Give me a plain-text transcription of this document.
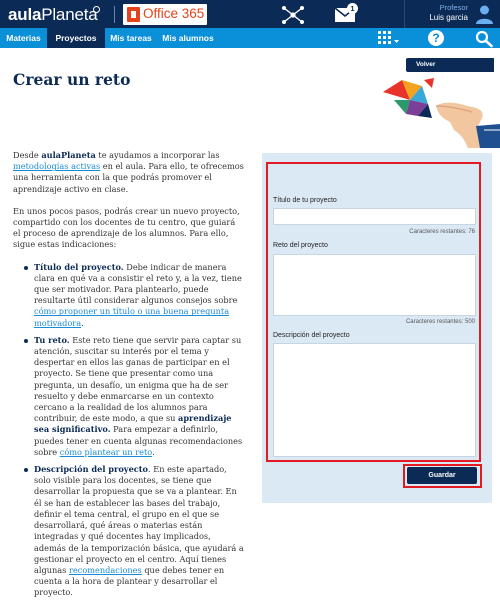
aulaPlaneta	Office 365	1	Profesor
Luis garcia
Materias	Proyectos	Mis tareas	Mis alumnos	?
Crear un reto
Volver

Desde aulaPlaneta te ayudamos a incorporar las metodologías activas en el aula. Para ello, te ofrecemos una herramienta con la que podrás promover el aprendizaje activo en clase.

En unos pocos pasos, podrás crear un nuevo proyecto, compartido con los docentes de tu centro, que guiará el proceso de aprendizaje de los alumnos. Para ello, sigue estas indicaciones:

Título del proyecto. Debe indicar de manera clara en qué va a consistir el reto y, a la vez, tiene que ser motivador. Para plantearlo, puede resultarte útil considerar algunos consejos sobre cómo proponer un título o una buena pregunta motivadora.
Tu reto. Este reto tiene que servir para captar su atención, suscitar su interés por el tema y despertar en ellos las ganas de participar en el proyecto. Se tiene que presentar como una pregunta, un desafío, un enigma que ha de ser resuelto y debe enmarcarse en un contexto cercano a la realidad de los alumnos para contribuir, de este modo, a que su aprendizaje sea significativo. Para empezar a definirlo, puedes tener en cuenta algunas recomendaciones sobre cómo plantear un reto.
Descripción del proyecto. En este apartado, solo visible para los docentes, se tiene que desarrollar la propuesta que se va a plantear. En él se han de establecer las bases del trabajo, definir el tema central, el grupo en el que se desarrollará, qué áreas o materias están integradas y qué docentes hay implicados, además de la temporización básica, que ayudará a gestionar el proyecto en el centro. Aquí tienes algunas recomendaciones que debes tener en cuenta a la hora de plantear y desarrollar el proyecto.
Título de tu proyecto
Caracteres restantes: 76
Reto del proyecto
Caracteres restantes: 500
Descripción del proyecto
Guardar
